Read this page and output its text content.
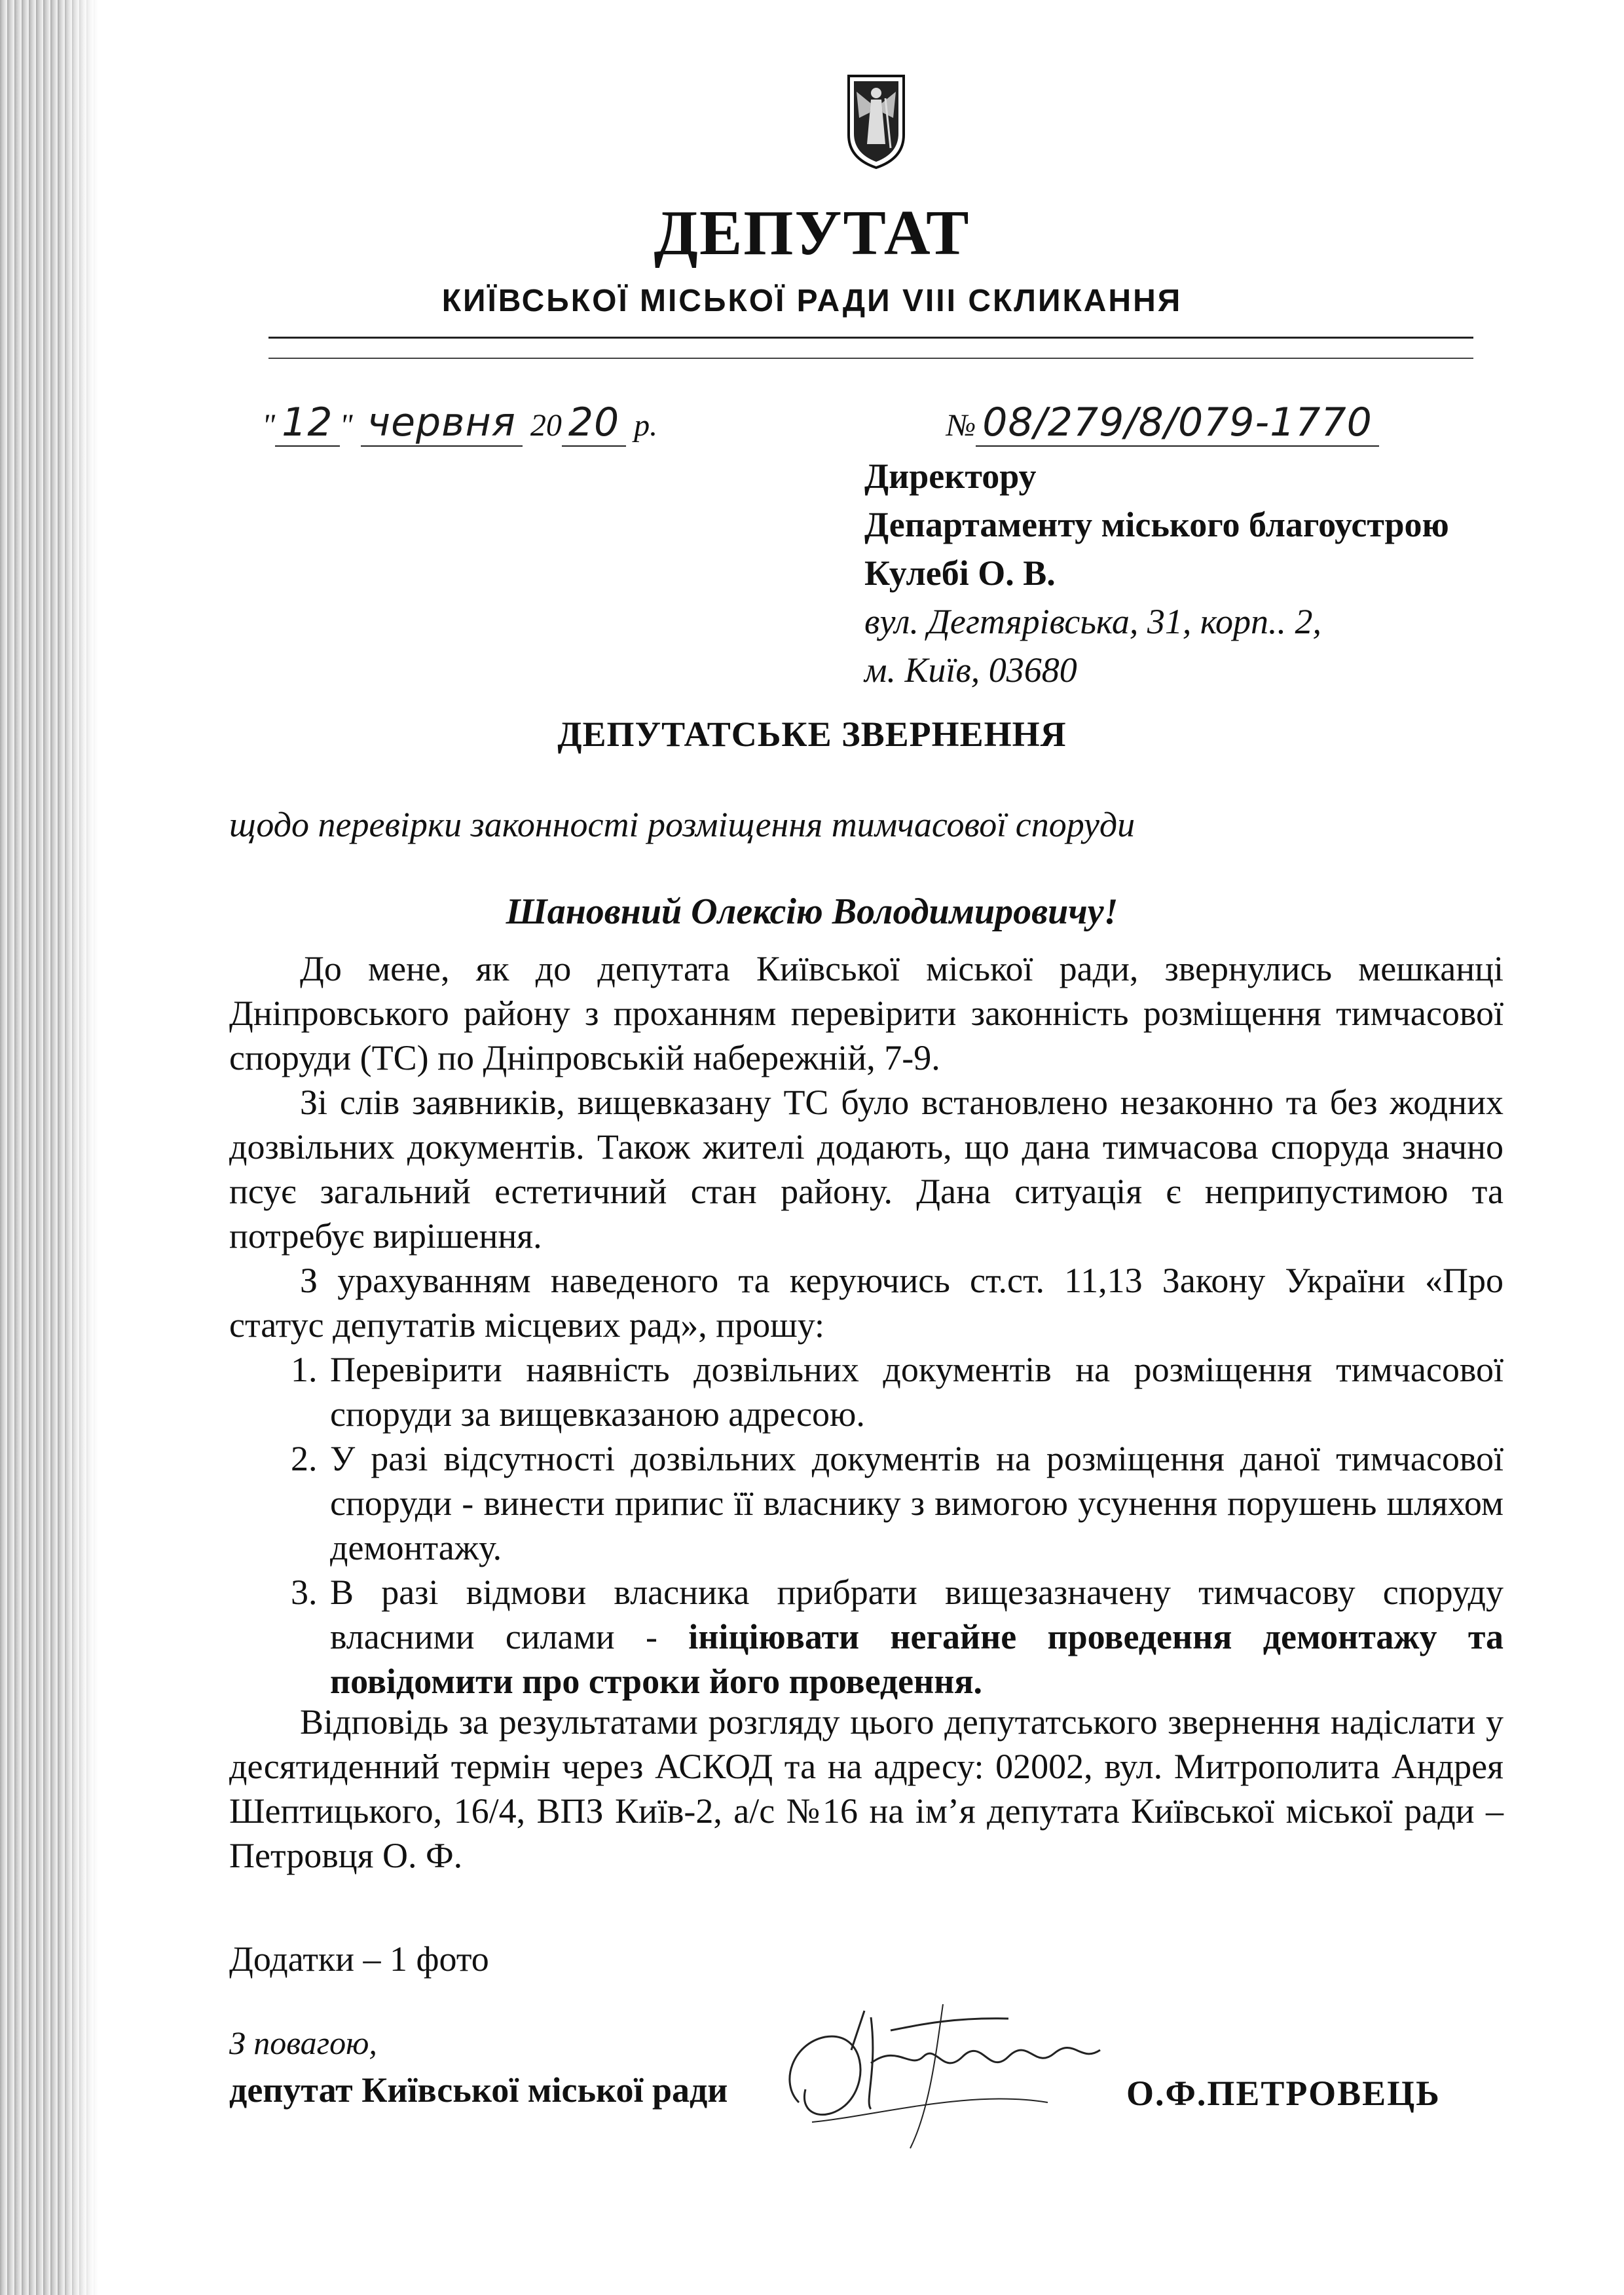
ДЕПУТАТ
КИЇВСЬКОЇ МІСЬКОЇ РАДИ VIII СКЛИКАННЯ
" 12 " червня 20 20 р.	№ 08/279/8/079-1770
Директору
Департаменту міського благоустрою
Кулебі О. В.
вул. Дегтярівська, 31, корп.. 2,
м. Київ, 03680
ДЕПУТАТСЬКЕ ЗВЕРНЕННЯ
щодо перевірки законності розміщення тимчасової споруди
Шановний Олексію Володимировичу!

До мене, як до депутата Київської міської ради, звернулись мешканці Дніпровського району з проханням перевірити законність розміщення тимчасової споруди (ТС) по Дніпровській набережній, 7-9.

Зі слів заявників, вищевказану ТС було встановлено незаконно та без жодних дозвільних документів. Також жителі додають, що дана тимчасова споруда значно псує загальний естетичний стан району. Дана ситуація є неприпустимою та потребує вирішення.

З урахуванням наведеного та керуючись ст.ст. 11,13 Закону України «Про статус депутатів місцевих рад», прошу:

1. Перевірити наявність дозвільних документів на розміщення тимчасової споруди за вищевказаною адресою.
2. У разі відсутності дозвільних документів на розміщення даної тимчасової споруди - винести припис її власнику з вимогою усунення порушень шляхом демонтажу.
3. В разі відмови власника прибрати вищезазначену тимчасову споруду власними силами - ініціювати негайне проведення демонтажу та повідомити про строки його проведення.

Відповідь за результатами розгляду цього депутатського звернення надіслати у десятиденний термін через АСКОД та на адресу: 02002, вул. Митрополита Андрея Шептицького, 16/4, ВПЗ Київ-2, а/с №16 на ім’я депутата Київської міської ради – Петровця О. Ф.

Додатки – 1 фото
З повагою,
депутат Київської міської ради	О.Ф.ПЕТРОВЕЦЬ
